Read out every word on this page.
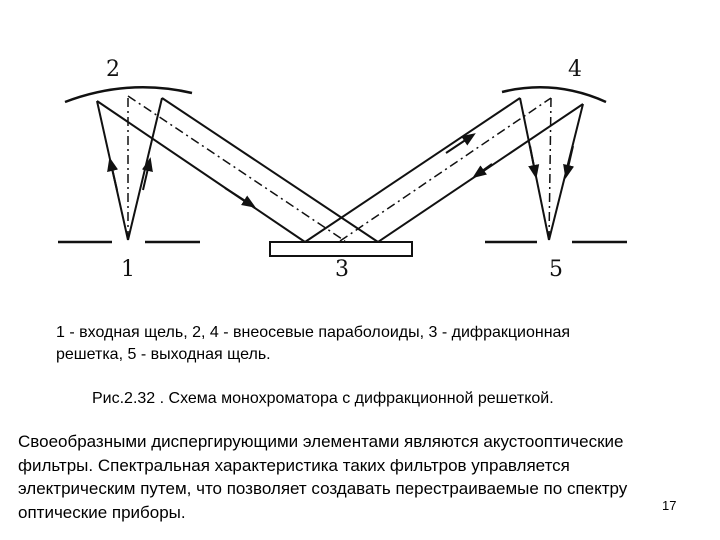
1
2
3
4
5
1 - входная щель, 2, 4 - внеосевые параболоиды, 3 - дифракционная
решетка, 5 - выходная щель.
Рис.2.32 . Схема монохроматора с дифракционной решеткой.
Своеобразными диспергирующими элементами являются акустооптические
фильтры. Спектральная характеристика таких фильтров управляется
электрическим путем, что позволяет создавать перестраиваемые по спектру
оптические приборы.	17
